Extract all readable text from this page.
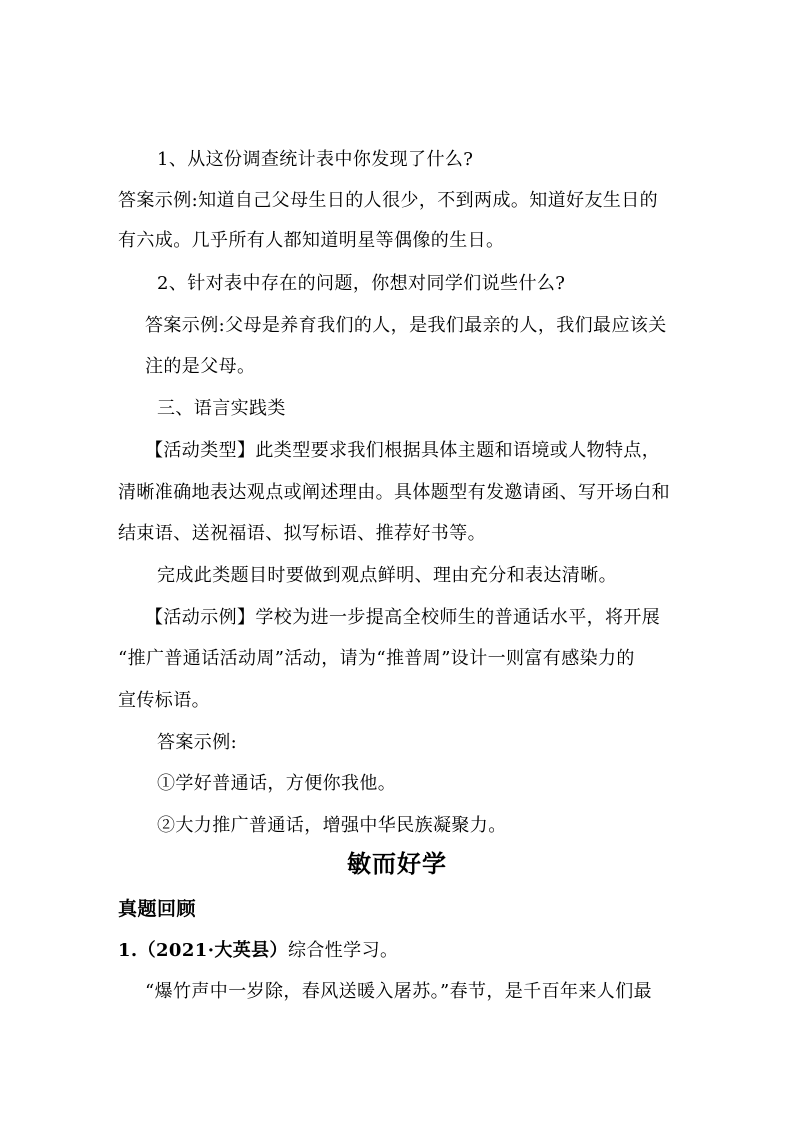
1、从这份调查统计表中你发现了什么?
答案示例:知道自己父母生日的人很少，不到两成。知道好友生日的
有六成。几乎所有人都知道明星等偶像的生日。
2、针对表中存在的问题，你想对同学们说些什么?
答案示例:父母是养育我们的人，是我们最亲的人，我们最应该关
注的是父母。
三、语言实践类
【活动类型】此类型要求我们根据具体主题和语境或人物特点，
清晰准确地表达观点或阐述理由。具体题型有发邀请函、写开场白和
结束语、送祝福语、拟写标语、推荐好书等。
完成此类题目时要做到观点鲜明、理由充分和表达清晰。
【活动示例】学校为进一步提高全校师生的普通话水平，将开展
“推广普通话活动周”活动，请为“推普周”设计一则富有感染力的
宣传标语。
答案示例:
①学好普通话，方便你我他。
②大力推广普通话，增强中华民族凝聚力。
敏而好学
真题回顾
1.（2021·大英县）综合性学习。
“爆竹声中一岁除，春风送暖入屠苏。”春节，是千百年来人们最
